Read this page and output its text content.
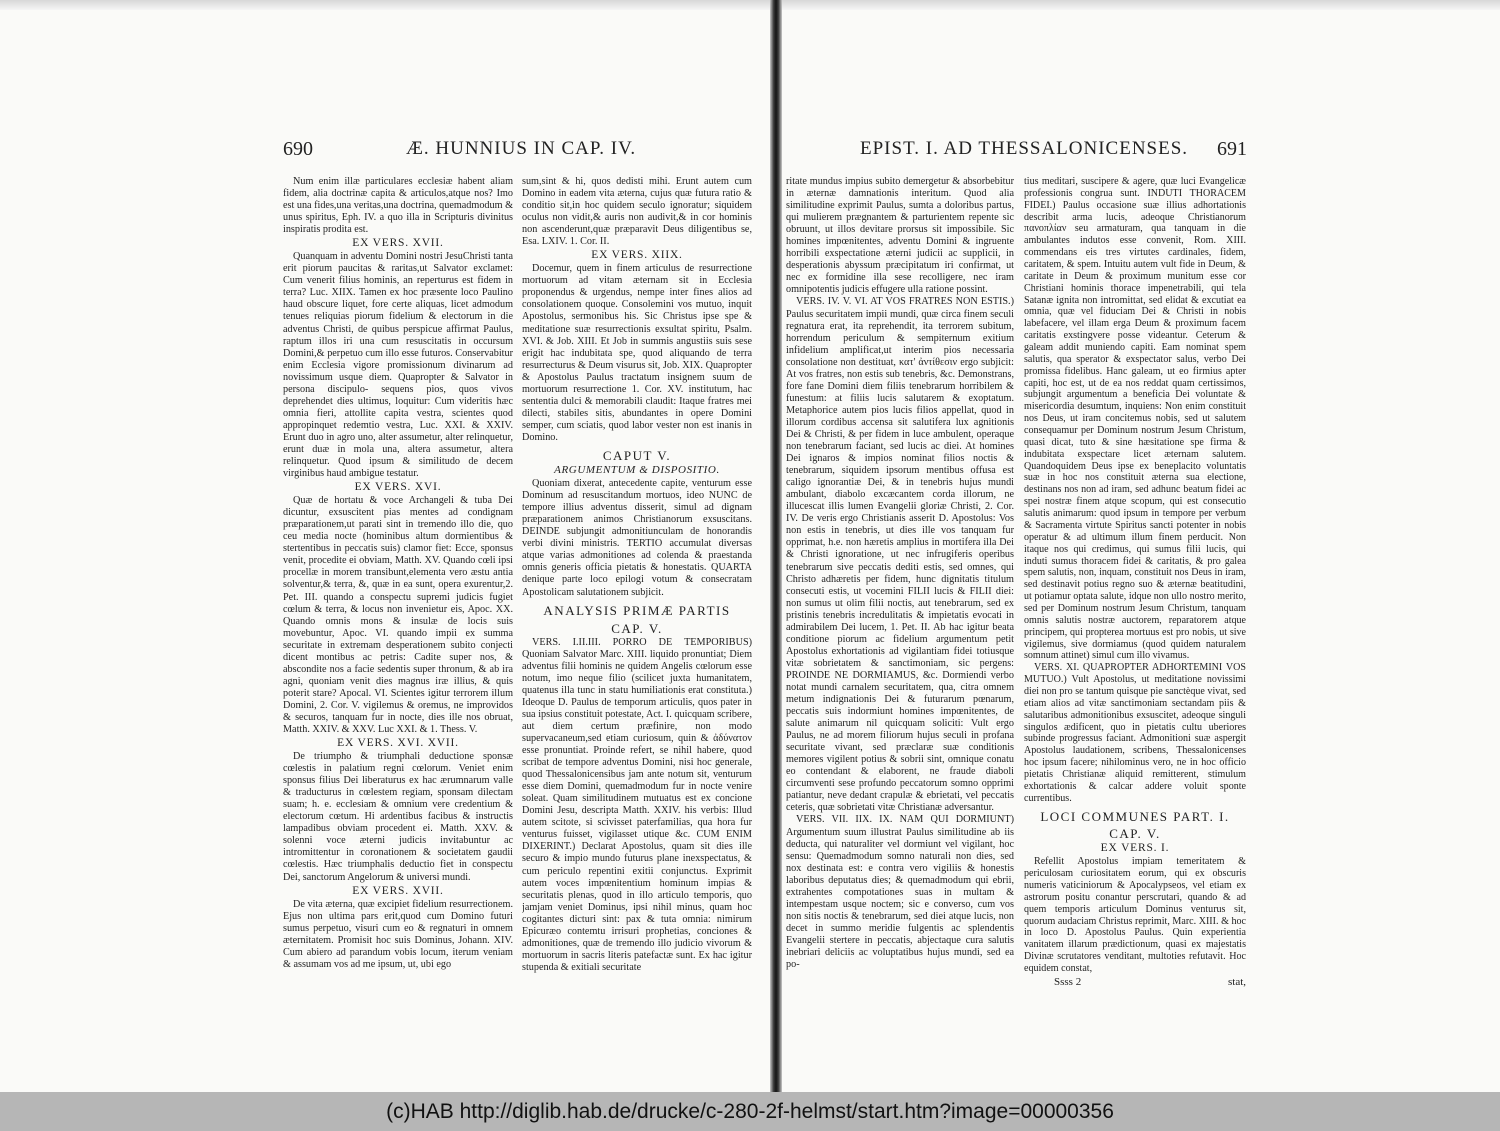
690	Æ. HUNNIUS IN CAP. IV.

Num enim illæ particulares ecclesiæ habent aliam fidem, alia doctrinæ capita & articulos,atque nos? Imo est una fides,una veritas,una doctrina, quemadmodum & unus spiritus, Eph. IV. a quo illa in Scripturis divinitus inspiratis prodita est.

EX VERS. XVII.

Quanquam in adventu Domini nostri JesuChristi tanta erit piorum paucitas & raritas,ut Salvator exclamet: Cum venerit filius hominis, an reperturus est fidem in terra? Luc. XIIX. Tamen ex hoc præsente loco Paulino haud obscure liquet, fore certe aliquas, licet admodum tenues reliquias piorum fidelium & electorum in die adventus Christi, de quibus perspicue affirmat Paulus, raptum illos iri una cum resuscitatis in occursum Domini,& perpetuo cum illo esse futuros. Conservabitur enim Ecclesia vigore promissionum divinarum ad novissimum usque diem. Quapropter & Salvator in persona discipulo- sequens pios, quos vivos deprehendet dies ultimus, loquitur: Cum videritis hæc omnia fieri, attollite capita vestra, scientes quod appropinquet redemtio vestra, Luc. XXI. & XXIV. Erunt duo in agro uno, alter assumetur, alter relinquetur, erunt duæ in mola una, altera assumetur, altera relinquetur. Quod ipsum & similitudo de decem virginibus haud ambigue testatur.

EX VERS. XVI.

Quæ de hortatu & voce Archangeli & tuba Dei dicuntur, exsuscitent pias mentes ad condignam præparationem,ut parati sint in tremendo illo die, quo ceu media nocte (hominibus altum dormientibus & stertentibus in peccatis suis) clamor fiet: Ecce, sponsus venit, procedite ei obviam, Matth. XV. Quando cœli ipsi procellæ in morem transibunt,elementa vero æstu antia solventur,& terra, &, quæ in ea sunt, opera exurentur,2. Pet. III. quando a conspectu supremi judicis fugiet cœlum & terra, & locus non invenietur eis, Apoc. XX. Quando omnis mons & insulæ de locis suis movebuntur, Apoc. VI. quando impii ex summa securitate in extremam desperationem subito conjecti dicent montibus ac petris: Cadite super nos, & abscondite nos a facie sedentis super thronum, & ab ira agni, quoniam venit dies magnus iræ illius, & quis poterit stare? Apocal. VI. Scientes igitur terrorem illum Domini, 2. Cor. V. vigilemus & oremus, ne improvidos & securos, tanquam fur in nocte, dies ille nos obruat, Matth. XXIV. & XXV. Luc XXI. & 1. Thess. V.

EX VERS. XVI. XVII.

De triumpho & triumphali deductione sponsæ cœlestis in palatium regni cœlorum. Veniet enim sponsus filius Dei liberaturus ex hac ærumnarum valle & traducturus in cœlestem regiam, sponsam dilectam suam; h. e. ecclesiam & omnium vere credentium & electorum cœtum. Hi ardentibus facibus & instructis lampadibus obviam procedent ei. Matth. XXV. & solenni voce æterni judicis invitabuntur ac intromittentur in coronationem & societatem gaudii cœlestis. Hæc triumphalis deductio fiet in conspectu Dei, sanctorum Angelorum & universi mundi.

EX VERS. XVII.

De vita æterna, quæ excipiet fidelium resurrectionem. Ejus non ultima pars erit,quod cum Domino futuri sumus perpetuo, visuri cum eo & regnaturi in omnem æternitatem. Promisit hoc suis Dominus, Johann. XIV. Cum abiero ad parandum vobis locum, iterum veniam & assumam vos ad me ipsum, ut, ubi ego

sum,sint & hi, quos dedisti mihi. Erunt autem cum Domino in eadem vita æterna, cujus quæ futura ratio & conditio sit,in hoc quidem seculo ignoratur; siquidem oculus non vidit,& auris non audivit,& in cor hominis non ascenderunt,quæ præparavit Deus diligentibus se, Esa. LXIV. 1. Cor. II.

EX VERS. XIIX.

Docemur, quem in finem articulus de resurrectione mortuorum ad vitam æternam sit in Ecclesia proponendus & urgendus, nempe inter fines alios ad consolationem quoque. Consolemini vos mutuo, inquit Apostolus, sermonibus his. Sic Christus ipse spe & meditatione suæ resurrectionis exsultat spiritu, Psalm. XVI. & Job. XIII. Et Job in summis angustiis suis sese erigit hac indubitata spe, quod aliquando de terra resurrecturus & Deum visurus sit, Job. XIX. Quapropter & Apostolus Paulus tractatum insignem suum de mortuorum resurrectione 1. Cor. XV. institutum, hac sententia dulci & memorabili claudit: Itaque fratres mei dilecti, stabiles sitis, abundantes in opere Domini semper, cum sciatis, quod labor vester non est inanis in Domino.

CAPUT V.
ARGUMENTUM & DISPOSITIO.

Quoniam dixerat, antecedente capite, venturum esse Dominum ad resuscitandum mortuos, ideo NUNC de tempore illius adventus disserit, simul ad dignam præparationem animos Christianorum exsuscitans. DEINDE subjungit admonitiunculam de honorandis verbi divini ministris. TERTIO accumulat diversas atque varias admonitiones ad colenda & praestanda omnis generis officia pietatis & honestatis. QUARTA denique parte loco epilogi votum & consecratam Apostolicam salutationem subjicit.

ANALYSIS PRIMÆ PARTIS
CAP. V.

VERS. I.II.III. PORRO DE TEMPORIBUS) Quoniam Salvator Marc. XIII. liquido pronuntiat; Diem adventus filii hominis ne quidem Angelis cœlorum esse notum, imo neque filio (scilicet juxta humanitatem, quatenus illa tunc in statu humiliationis erat constituta.) Ideoque D. Paulus de temporum articulis, quos pater in sua ipsius constituit potestate, Act. I. quicquam scribere, aut diem certum præfinire, non modo supervacaneum,sed etiam curiosum, quin & ἀδύνατον esse pronuntiat. Proinde refert, se nihil habere, quod scribat de tempore adventus Domini, nisi hoc generale, quod Thessalonicensibus jam ante notum sit, venturum esse diem Domini, quemadmodum fur in nocte venire soleat. Quam similitudinem mutuatus est ex concione Domini Jesu, descripta Matth. XXIV. his verbis: Illud autem scitote, si scivisset paterfamilias, qua hora fur venturus fuisset, vigilasset utique &c. CUM ENIM DIXERINT.) Declarat Apostolus, quam sit dies ille securo & impio mundo futurus plane inexspectatus, & cum periculo repentini exitii conjunctus. Exprimit autem voces impœnitentium hominum impias & securitatis plenas, quod in illo articulo temporis, quo jamjam veniet Dominus, ipsi nihil minus, quam hoc cogitantes dicturi sint: pax & tuta omnia: nimirum Epicuræo contemtu irrisuri prophetias, conciones & admonitiones, quæ de tremendo illo judicio vivorum & mortuorum in sacris literis patefactæ sunt. Ex hac igitur stupenda & exitiali securitate

EPIST. I. AD THESSALONICENSES. 691

ritate mundus impius subito demergetur & absorbebitur in æternæ damnationis interitum. Quod alia similitudine exprimit Paulus, sumta a doloribus partus, qui mulierem prægnantem & parturientem repente sic obruunt, ut illos devitare prorsus sit impossibile. Sic homines impœnitentes, adventu Domini & ingruente horribili exspectatione æterni judicii ac supplicii, in desperationis abyssum præcipitatum iri confirmat, ut nec ex formidine illa sese recolligere, nec iram omnipotentis judicis effugere ulla ratione possint.

VERS. IV. V. VI. AT VOS FRATRES NON ESTIS.) Paulus securitatem impii mundi, quæ circa finem seculi regnatura erat, ita reprehendit, ita terrorem subitum, horrendum periculum & sempiternum exitium infidelium amplificat,ut interim pios necessaria consolatione non destituat, κατ' ἀντίθεσιν ergo subjicit: At vos fratres, non estis sub tenebris, &c. Demonstrans, fore fane Domini diem filiis tenebrarum horribilem & funestum: at filiis lucis salutarem & exoptatum. Metaphorice autem pios lucis filios appellat, quod in illorum cordibus accensa sit salutifera lux agnitionis Dei & Christi, & per fidem in luce ambulent, operaque non tenebrarum faciant, sed lucis ac diei. At homines Dei ignaros & impios nominat filios noctis & tenebrarum, siquidem ipsorum mentibus offusa est caligo ignorantiæ Dei, & in tenebris hujus mundi ambulant, diabolo excæcantem corda illorum, ne illucescat illis lumen Evangelii gloriæ Christi, 2. Cor. IV. De veris ergo Christianis asserit D. Apostolus: Vos non estis in tenebris, ut dies ille vos tanquam fur opprimat, h.e. non hæretis amplius in mortifera illa Dei & Christi ignoratione, ut nec infrugiferis operibus tenebrarum sive peccatis dediti estis, sed omnes, qui Christo adhæretis per fidem, hunc dignitatis titulum consecuti estis, ut vocemini FILII lucis & FILII diei: non sumus ut olim filii noctis, aut tenebrarum, sed ex pristinis tenebris incredulitatis & impietatis evocati in admirabilem Dei lucem, 1. Pet. II. Ab hac igitur beata conditione piorum ac fidelium argumentum petit Apostolus exhortationis ad vigilantiam fidei totiusque vitæ sobrietatem & sanctimoniam, sic pergens: PROINDE NE DORMIAMUS, &c. Dormiendi verbo notat mundi carnalem securitatem, qua, citra omnem metum indignationis Dei & futurarum pœnarum, peccatis suis indormiunt homines impœnitentes, de salute animarum nil quicquam soliciti: Vult ergo Paulus, ne ad morem filiorum hujus seculi in profana securitate vivant, sed præclaræ suæ conditionis memores vigilent potius & sobrii sint, omnique conatu eo contendant & elaborent, ne fraude diaboli circumventi sese profundo peccatorum somno opprimi patiantur, neve dedant crapulæ & ebrietati, vel peccatis ceteris, quæ sobrietati vitæ Christianæ adversantur.

VERS. VII. IIX. IX. NAM QUI DORMIUNT) Argumentum suum illustrat Paulus similitudine ab iis deducta, qui naturaliter vel dormiunt vel vigilant, hoc sensu: Quemadmodum somno naturali non dies, sed nox destinata est: e contra vero vigiliis & honestis laboribus deputatus dies; & quemadmodum qui ebrii, extrahentes compotationes suas in multam & intempestam usque noctem; sic e converso, cum vos non sitis noctis & tenebrarum, sed diei atque lucis, non decet in summo meridie fulgentis ac splendentis Evangelii stertere in peccatis, abjectaque cura salutis inebriari deliciis ac voluptatibus hujus mundi, sed ea po-

tius meditari, suscipere & agere, quæ luci Evangelicæ professionis congrua sunt. INDUTI THORACEM FIDEI.) Paulus occasione suæ illius adhortationis describit arma lucis, adeoque Christianorum πανοπλίαν seu armaturam, qua tanquam in die ambulantes indutos esse convenit, Rom. XIII. commendans eis tres virtutes cardinales, fidem, caritatem, & spem. Intuitu autem vult fide in Deum, & caritate in Deum & proximum munitum esse cor Christiani hominis thorace impenetrabili, qui tela Satanæ ignita non intromittat, sed elidat & excutiat ea omnia, quæ vel fiduciam Dei & Christi in nobis labefacere, vel illam erga Deum & proximum facem caritatis exstingvere posse videantur. Ceterum & galeam addit muniendo capiti. Eam nominat spem salutis, qua sperator & exspectator salus, verbo Dei promissa fidelibus. Hanc galeam, ut eo firmius apter capiti, hoc est, ut de ea nos reddat quam certissimos, subjungit argumentum a beneficia Dei voluntate & misericordia desumtum, inquiens: Non enim constituit nos Deus, ut iram concitemus nobis, sed ut salutem consequamur per Dominum nostrum Jesum Christum, quasi dicat, tuto & sine hæsitatione spe firma & indubitata exspectare licet æternam salutem. Quandoquidem Deus ipse ex beneplacito voluntatis suæ in hoc nos constituit æterna sua electione, destinans nos non ad iram, sed adhunc beatum fidei ac spei nostræ finem atque scopum, qui est consecutio salutis animarum: quod ipsum in tempore per verbum & Sacramenta virtute Spiritus sancti potenter in nobis operatur & ad ultimum illum finem perducit. Non itaque nos qui credimus, qui sumus filii lucis, qui induti sumus thoracem fidei & caritatis, & pro galea spem salutis, non, inquam, constituit nos Deus in iram, sed destinavit potius regno suo & æternæ beatitudini, ut potiamur optata salute, idque non ullo nostro merito, sed per Dominum nostrum Jesum Christum, tanquam omnis salutis nostræ auctorem, reparatorem atque principem, qui propterea mortuus est pro nobis, ut sive vigilemus, sive dormiamus (quod quidem naturalem somnum attinet) simul cum illo vivamus.

VERS. XI. QUAPROPTER ADHORTEMINI VOS MUTUO.) Vult Apostolus, ut meditatione novissimi diei non pro se tantum quisque pie sanctèque vivat, sed etiam alios ad vitæ sanctimoniam sectandam piis & salutaribus admonitionibus exsuscitet, adeoque singuli singulos ædificent, quo in pietatis cultu uberiores subinde progressus faciant. Admonitioni suæ aspergit Apostolus laudationem, scribens, Thessalonicenses hoc ipsum facere; nihilominus vero, ne in hoc officio pietatis Christianæ aliquid remitterent, stimulum exhortationis & calcar addere voluit sponte currentibus.

LOCI COMMUNES PART. I.
CAP. V.
EX VERS. I.

Refellit Apostolus impiam temeritatem & periculosam curiositatem eorum, qui ex obscuris numeris vaticiniorum & Apocalypseos, vel etiam ex astrorum positu conantur perscrutari, quando & ad quem temporis articulum Dominus venturus sit, quorum audaciam Christus reprimit, Marc. XIII. & hoc in loco D. Apostolus Paulus. Quin experientia vanitatem illarum prædictionum, quasi ex majestatis Divinæ scrutatores venditant, multoties refutavit. Hoc equidem constat,

Ssss 2	stat,
(c)HAB http://diglib.hab.de/drucke/c-280-2f-helmst/start.htm?image=00000356
